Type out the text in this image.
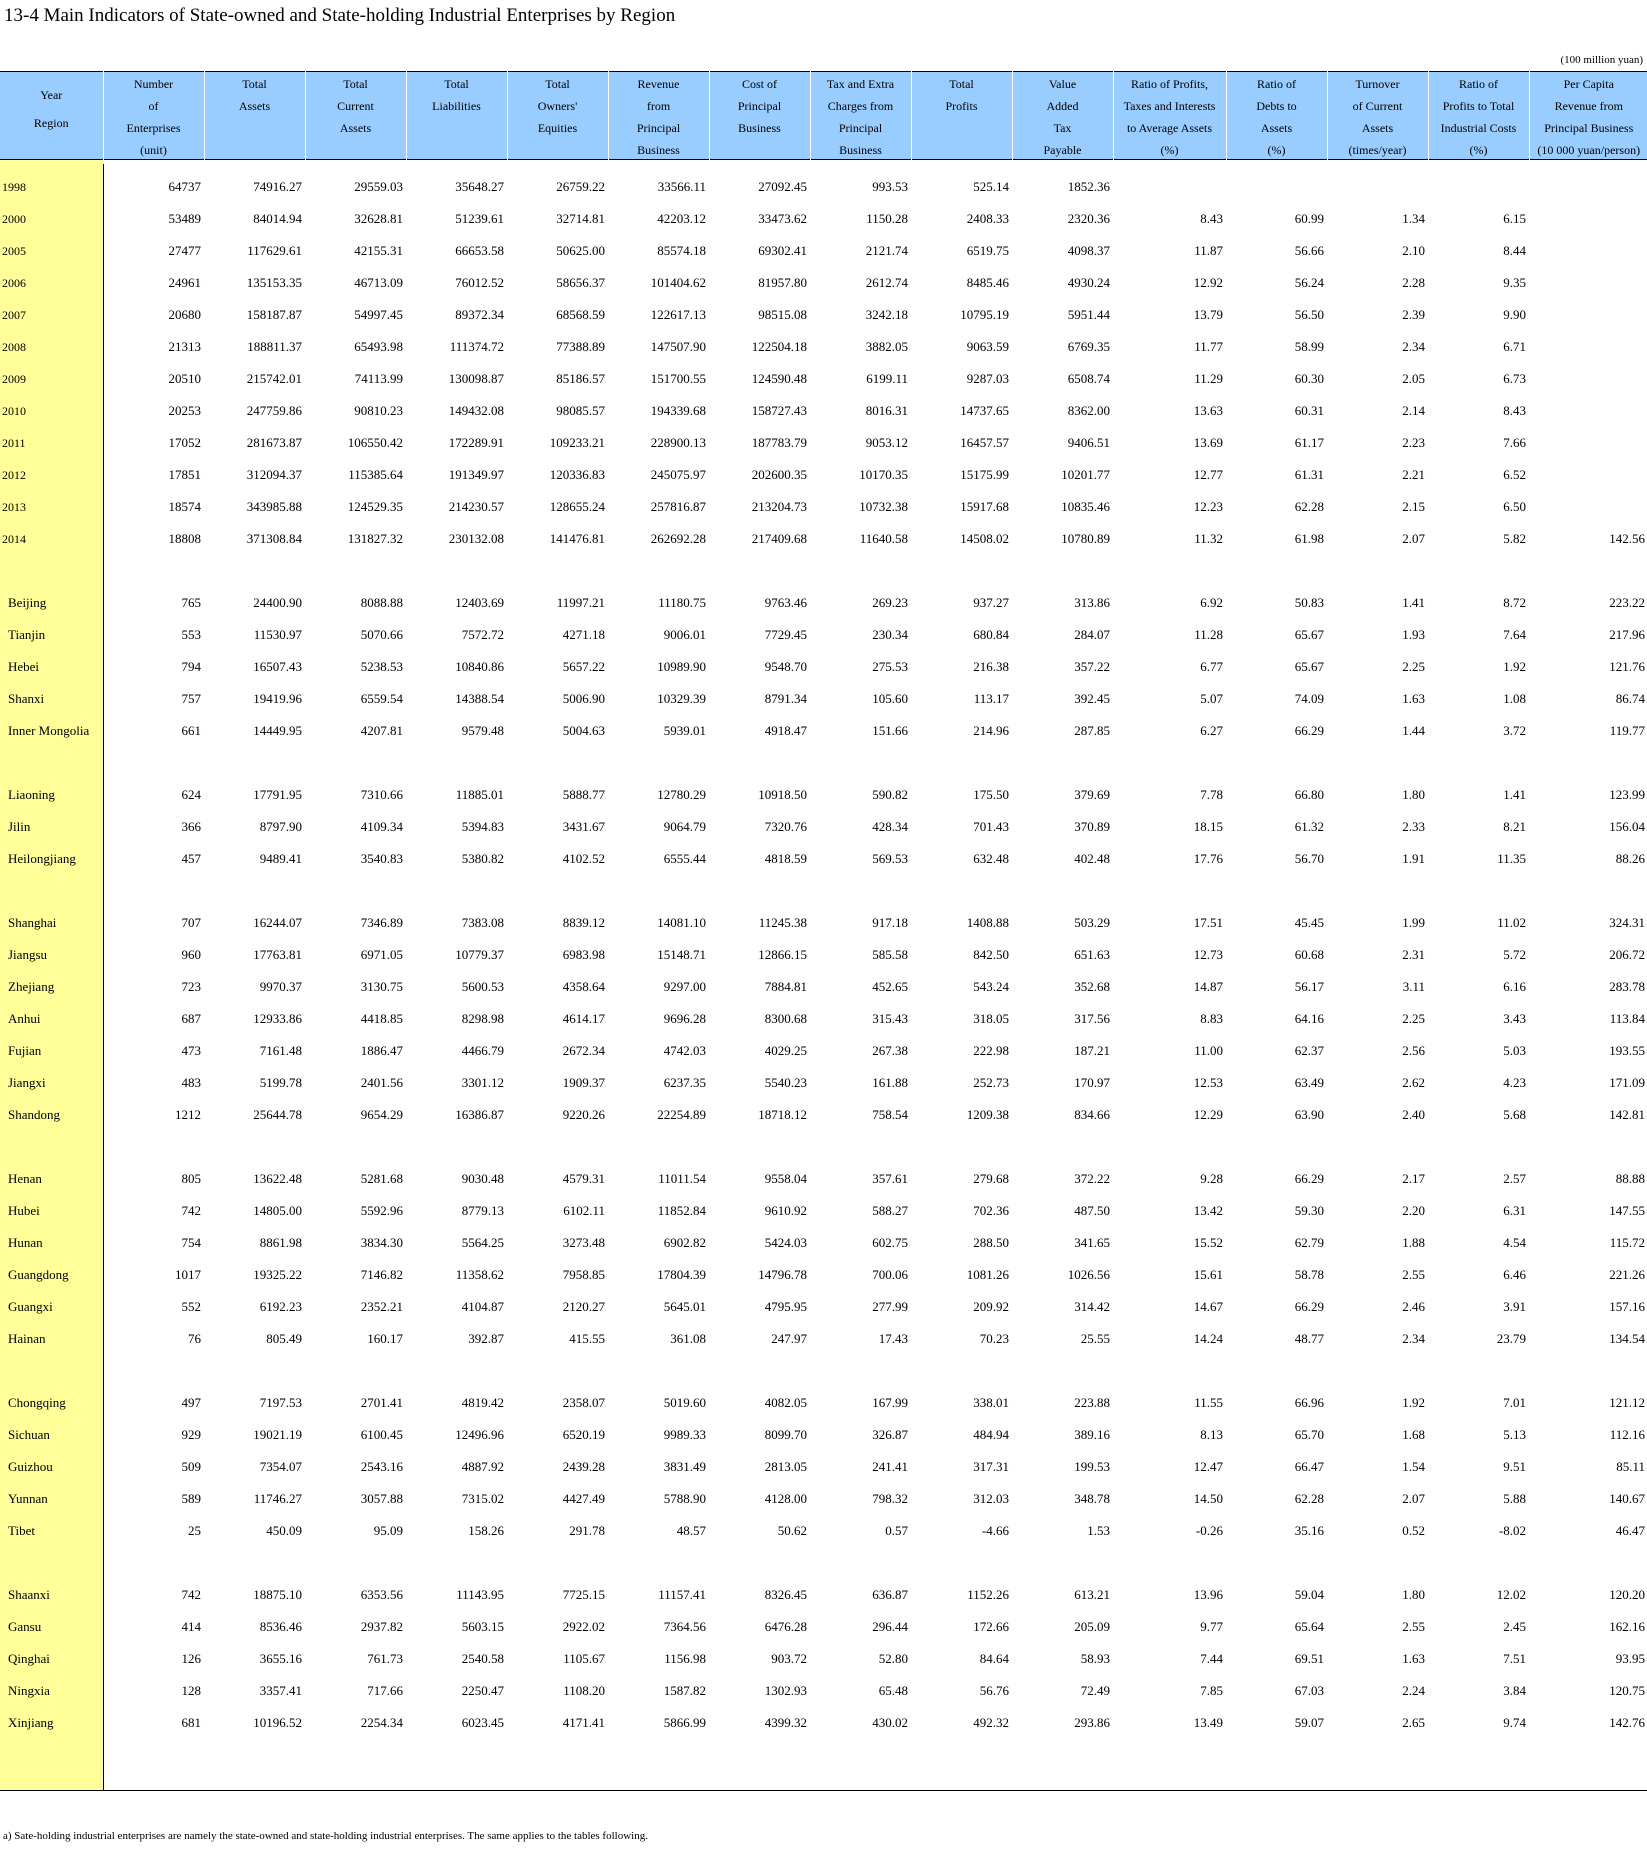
13-4 Main Indicators of State-owned and State-holding Industrial Enterprises by Region
(100 million yuan)
Year
Region

Number
of
Enterprises
(unit)

Total
Assets

Total
Current
Assets

Total
Liabilities

Total
Owners'
Equities

Revenue
from
Principal
Business

Cost of
Principal
Business

Tax and Extra
Charges from
Principal
Business

Total
Profits

Value
Added
Tax
Payable

Ratio of Profits,
Taxes and Interests
to Average Assets
(%)

Ratio of
Debts to
Assets
(%)

Turnover
of Current
Assets
(times/year)

Ratio of
Profits to Total
Industrial Costs
(%)

Per Capita
Revenue from
Principal Business
(10 000 yuan/person)
1998	64737	74916.27	29559.03	35648.27	26759.22	33566.11	27092.45	993.53	525.14	1852.36					
2000	53489	84014.94	32628.81	51239.61	32714.81	42203.12	33473.62	1150.28	2408.33	2320.36	8.43	60.99	1.34	6.15	
2005	27477	117629.61	42155.31	66653.58	50625.00	85574.18	69302.41	2121.74	6519.75	4098.37	11.87	56.66	2.10	8.44	
2006	24961	135153.35	46713.09	76012.52	58656.37	101404.62	81957.80	2612.74	8485.46	4930.24	12.92	56.24	2.28	9.35	
2007	20680	158187.87	54997.45	89372.34	68568.59	122617.13	98515.08	3242.18	10795.19	5951.44	13.79	56.50	2.39	9.90	
2008	21313	188811.37	65493.98	111374.72	77388.89	147507.90	122504.18	3882.05	9063.59	6769.35	11.77	58.99	2.34	6.71	
2009	20510	215742.01	74113.99	130098.87	85186.57	151700.55	124590.48	6199.11	9287.03	6508.74	11.29	60.30	2.05	6.73	
2010	20253	247759.86	90810.23	149432.08	98085.57	194339.68	158727.43	8016.31	14737.65	8362.00	13.63	60.31	2.14	8.43	
2011	17052	281673.87	106550.42	172289.91	109233.21	228900.13	187783.79	9053.12	16457.57	9406.51	13.69	61.17	2.23	7.66	
2012	17851	312094.37	115385.64	191349.97	120336.83	245075.97	202600.35	10170.35	15175.99	10201.77	12.77	61.31	2.21	6.52	
2013	18574	343985.88	124529.35	214230.57	128655.24	257816.87	213204.73	10732.38	15917.68	10835.46	12.23	62.28	2.15	6.50	
2014	18808	371308.84	131827.32	230132.08	141476.81	262692.28	217409.68	11640.58	14508.02	10780.89	11.32	61.98	2.07	5.82	142.56

Beijing	765	24400.90	8088.88	12403.69	11997.21	11180.75	9763.46	269.23	937.27	313.86	6.92	50.83	1.41	8.72	223.22
Tianjin	553	11530.97	5070.66	7572.72	4271.18	9006.01	7729.45	230.34	680.84	284.07	11.28	65.67	1.93	7.64	217.96
Hebei	794	16507.43	5238.53	10840.86	5657.22	10989.90	9548.70	275.53	216.38	357.22	6.77	65.67	2.25	1.92	121.76
Shanxi	757	19419.96	6559.54	14388.54	5006.90	10329.39	8791.34	105.60	113.17	392.45	5.07	74.09	1.63	1.08	86.74
Inner Mongolia	661	14449.95	4207.81	9579.48	5004.63	5939.01	4918.47	151.66	214.96	287.85	6.27	66.29	1.44	3.72	119.77

Liaoning	624	17791.95	7310.66	11885.01	5888.77	12780.29	10918.50	590.82	175.50	379.69	7.78	66.80	1.80	1.41	123.99
Jilin	366	8797.90	4109.34	5394.83	3431.67	9064.79	7320.76	428.34	701.43	370.89	18.15	61.32	2.33	8.21	156.04
Heilongjiang	457	9489.41	3540.83	5380.82	4102.52	6555.44	4818.59	569.53	632.48	402.48	17.76	56.70	1.91	11.35	88.26

Shanghai	707	16244.07	7346.89	7383.08	8839.12	14081.10	11245.38	917.18	1408.88	503.29	17.51	45.45	1.99	11.02	324.31
Jiangsu	960	17763.81	6971.05	10779.37	6983.98	15148.71	12866.15	585.58	842.50	651.63	12.73	60.68	2.31	5.72	206.72
Zhejiang	723	9970.37	3130.75	5600.53	4358.64	9297.00	7884.81	452.65	543.24	352.68	14.87	56.17	3.11	6.16	283.78
Anhui	687	12933.86	4418.85	8298.98	4614.17	9696.28	8300.68	315.43	318.05	317.56	8.83	64.16	2.25	3.43	113.84
Fujian	473	7161.48	1886.47	4466.79	2672.34	4742.03	4029.25	267.38	222.98	187.21	11.00	62.37	2.56	5.03	193.55
Jiangxi	483	5199.78	2401.56	3301.12	1909.37	6237.35	5540.23	161.88	252.73	170.97	12.53	63.49	2.62	4.23	171.09
Shandong	1212	25644.78	9654.29	16386.87	9220.26	22254.89	18718.12	758.54	1209.38	834.66	12.29	63.90	2.40	5.68	142.81

Henan	805	13622.48	5281.68	9030.48	4579.31	11011.54	9558.04	357.61	279.68	372.22	9.28	66.29	2.17	2.57	88.88
Hubei	742	14805.00	5592.96	8779.13	6102.11	11852.84	9610.92	588.27	702.36	487.50	13.42	59.30	2.20	6.31	147.55
Hunan	754	8861.98	3834.30	5564.25	3273.48	6902.82	5424.03	602.75	288.50	341.65	15.52	62.79	1.88	4.54	115.72
Guangdong	1017	19325.22	7146.82	11358.62	7958.85	17804.39	14796.78	700.06	1081.26	1026.56	15.61	58.78	2.55	6.46	221.26
Guangxi	552	6192.23	2352.21	4104.87	2120.27	5645.01	4795.95	277.99	209.92	314.42	14.67	66.29	2.46	3.91	157.16
Hainan	76	805.49	160.17	392.87	415.55	361.08	247.97	17.43	70.23	25.55	14.24	48.77	2.34	23.79	134.54

Chongqing	497	7197.53	2701.41	4819.42	2358.07	5019.60	4082.05	167.99	338.01	223.88	11.55	66.96	1.92	7.01	121.12
Sichuan	929	19021.19	6100.45	12496.96	6520.19	9989.33	8099.70	326.87	484.94	389.16	8.13	65.70	1.68	5.13	112.16
Guizhou	509	7354.07	2543.16	4887.92	2439.28	3831.49	2813.05	241.41	317.31	199.53	12.47	66.47	1.54	9.51	85.11
Yunnan	589	11746.27	3057.88	7315.02	4427.49	5788.90	4128.00	798.32	312.03	348.78	14.50	62.28	2.07	5.88	140.67
Tibet	25	450.09	95.09	158.26	291.78	48.57	50.62	0.57	-4.66	1.53	-0.26	35.16	0.52	-8.02	46.47

Shaanxi	742	18875.10	6353.56	11143.95	7725.15	11157.41	8326.45	636.87	1152.26	613.21	13.96	59.04	1.80	12.02	120.20
Gansu	414	8536.46	2937.82	5603.15	2922.02	7364.56	6476.28	296.44	172.66	205.09	9.77	65.64	2.55	2.45	162.16
Qinghai	126	3655.16	761.73	2540.58	1105.67	1156.98	903.72	52.80	84.64	58.93	7.44	69.51	1.63	7.51	93.95
Ningxia	128	3357.41	717.66	2250.47	1108.20	1587.82	1302.93	65.48	56.76	72.49	7.85	67.03	2.24	3.84	120.75
Xinjiang	681	10196.52	2254.34	6023.45	4171.41	5866.99	4399.32	430.02	492.32	293.86	13.49	59.07	2.65	9.74	142.76
a) Sate-holding industrial enterprises are namely the state-owned and state-holding industrial enterprises. The same applies to the tables following.
